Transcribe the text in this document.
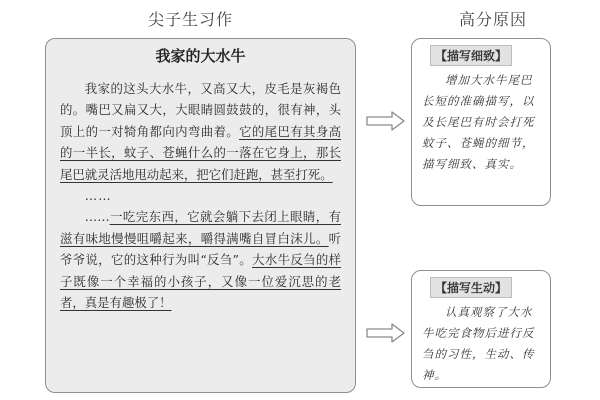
尖子生习作	高分原因
我家的大水牛

我家的这头大水牛，又高又大，皮毛是灰褐色的。嘴巴又扁又大，大眼睛圆鼓鼓的，很有神，头顶上的一对犄角都向内弯曲着。它的尾巴有其身高的一半长，蚊子、苍蝇什么的一落在它身上，那长尾巴就灵活地甩动起来，把它们赶跑，甚至打死。

……

……一吃完东西，它就会躺下去闭上眼睛，有滋有味地慢慢咀嚼起来，嚼得满嘴自冒白沫儿。听爷爷说，它的这种行为叫“反刍”。大水牛反刍的样子既像一个幸福的小孩子，又像一位爱沉思的老者，真是有趣极了！

【描写细致】

增加大水牛尾巴长短的准确描写，以及长尾巴有时会打死蚊子、苍蝇的细节，描写细致、真实。

【描写生动】

认真观察了大水牛吃完食物后进行反刍的习性，生动、传神。
